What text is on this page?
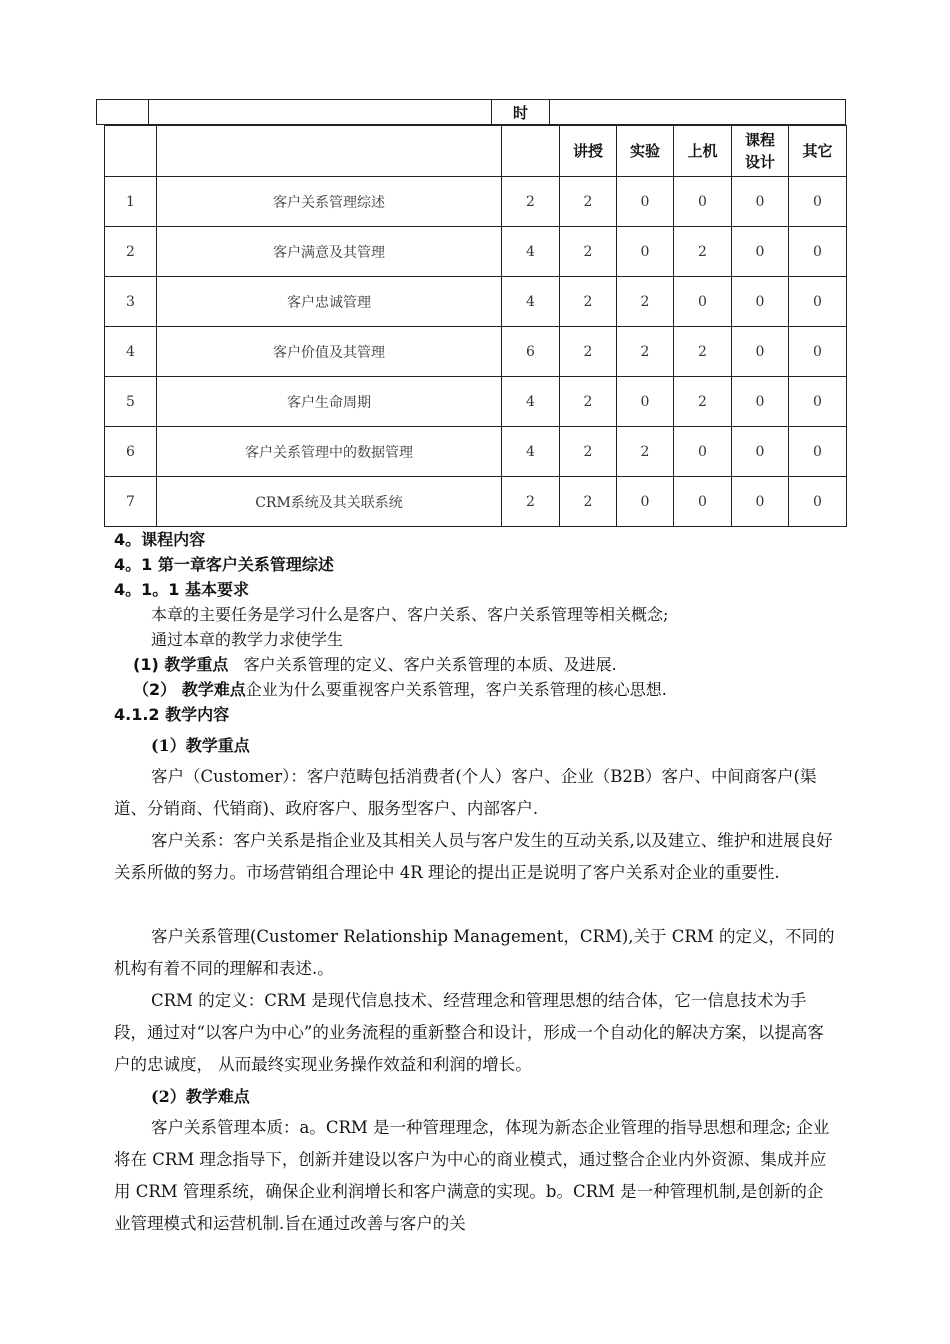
时
			讲授	实验	上机	课程设计	其它
1	客户关系管理综述	2	2	0	0	0	0
2	客户满意及其管理	4	2	0	2	0	0
3	客户忠诚管理	4	2	2	0	0	0
4	客户价值及其管理	6	2	2	2	0	0
5	客户生命周期	4	2	0	2	0	0
6	客户关系管理中的数据管理	4	2	2	0	0	0
7	CRM系统及其关联系统	2	2	0	0	0	0
4。课程内容
4。1 第一章客户关系管理综述
4。1。1 基本要求
本章的主要任务是学习什么是客户、客户关系、客户关系管理等相关概念;
通过本章的教学力求使学生
(1) 教学重点   客户关系管理的定义、客户关系管理的本质、及进展.
（2） 教学难点企业为什么要重视客户关系管理，客户关系管理的核心思想.
4.1.2 教学内容
(1）教学重点
客户（Customer）：客户范畴包括消费者(个人）客户、企业（B2B）客户、中间商客户(渠道、分销商、代销商)、政府客户、服务型客户、内部客户.
客户关系：客户关系是指企业及其相关人员与客户发生的互动关系,以及建立、维护和进展良好关系所做的努力。市场营销组合理论中 4R 理论的提出正是说明了客户关系对企业的重要性.
客户关系管理(Customer Relationship Management，CRM),关于 CRM 的定义，不同的机构有着不同的理解和表述.。
CRM 的定义：CRM 是现代信息技术、经营理念和管理思想的结合体，它一信息技术为手段，通过对“以客户为中心”的业务流程的重新整合和设计，形成一个自动化的解决方案，以提高客户的忠诚度， 从而最终实现业务操作效益和利润的增长。
(2）教学难点
客户关系管理本质：a。CRM 是一种管理理念，体现为新态企业管理的指导思想和理念; 企业将在 CRM 理念指导下，创新并建设以客户为中心的商业模式，通过整合企业内外资源、集成并应用 CRM 管理系统，确保企业利润增长和客户满意的实现。b。CRM 是一种管理机制,是创新的企业管理模式和运营机制.旨在通过改善与客户的关
